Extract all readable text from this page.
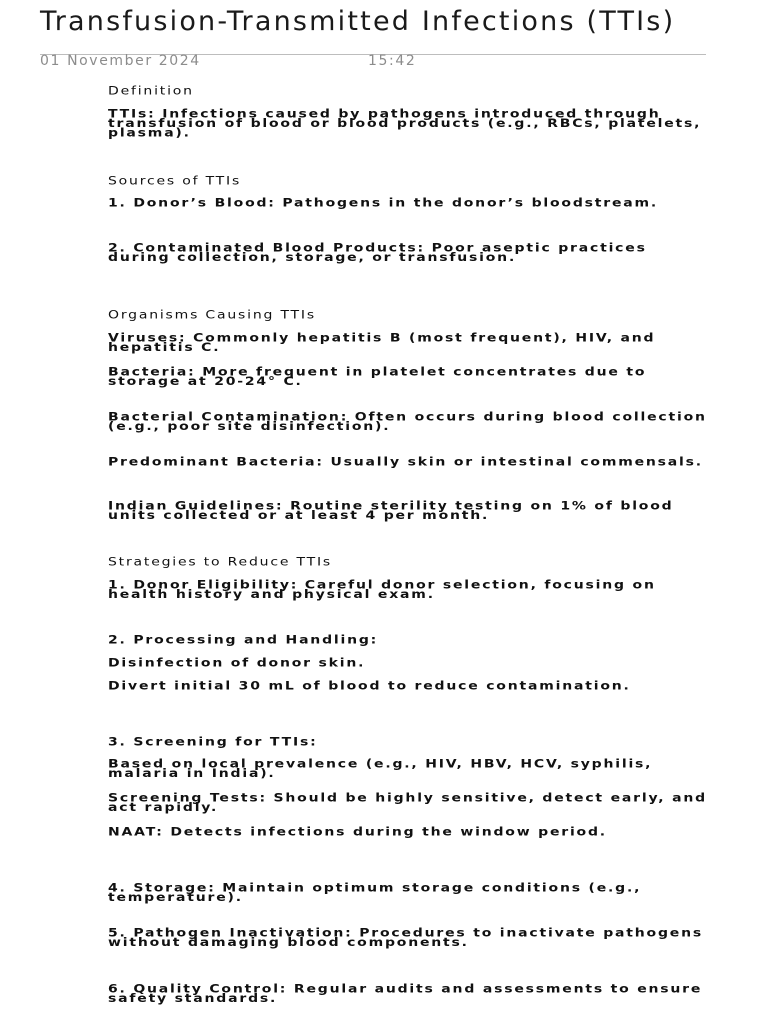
Transfusion-Transmitted Infections (TTIs)
01 November 2024	15:42

Definition

TTIs: Infections caused by pathogens introduced through transfusion of blood or blood products (e.g., RBCs, platelets, plasma).

Sources of TTIs

1. Donor’s Blood: Pathogens in the donor’s bloodstream.

2. Contaminated Blood Products: Poor aseptic practices during collection, storage, or transfusion.

Organisms Causing TTIs

Viruses: Commonly hepatitis B (most frequent), HIV, and hepatitis C.

Bacteria: More frequent in platelet concentrates due to storage at 20-24° C.

Bacterial Contamination: Often occurs during blood collection (e.g., poor site disinfection).

Predominant Bacteria: Usually skin or intestinal commensals.

Indian Guidelines: Routine sterility testing on 1% of blood units collected or at least 4 per month.

Strategies to Reduce TTIs

1. Donor Eligibility: Careful donor selection, focusing on health history and physical exam.

2. Processing and Handling:

Disinfection of donor skin.

Divert initial 30 mL of blood to reduce contamination.

3. Screening for TTIs:

Based on local prevalence (e.g., HIV, HBV, HCV, syphilis, malaria in India).

Screening Tests: Should be highly sensitive, detect early, and act rapidly.

NAAT: Detects infections during the window period.

4. Storage: Maintain optimum storage conditions (e.g., temperature).

5. Pathogen Inactivation: Procedures to inactivate pathogens without damaging blood components.

6. Quality Control: Regular audits and assessments to ensure safety standards.
